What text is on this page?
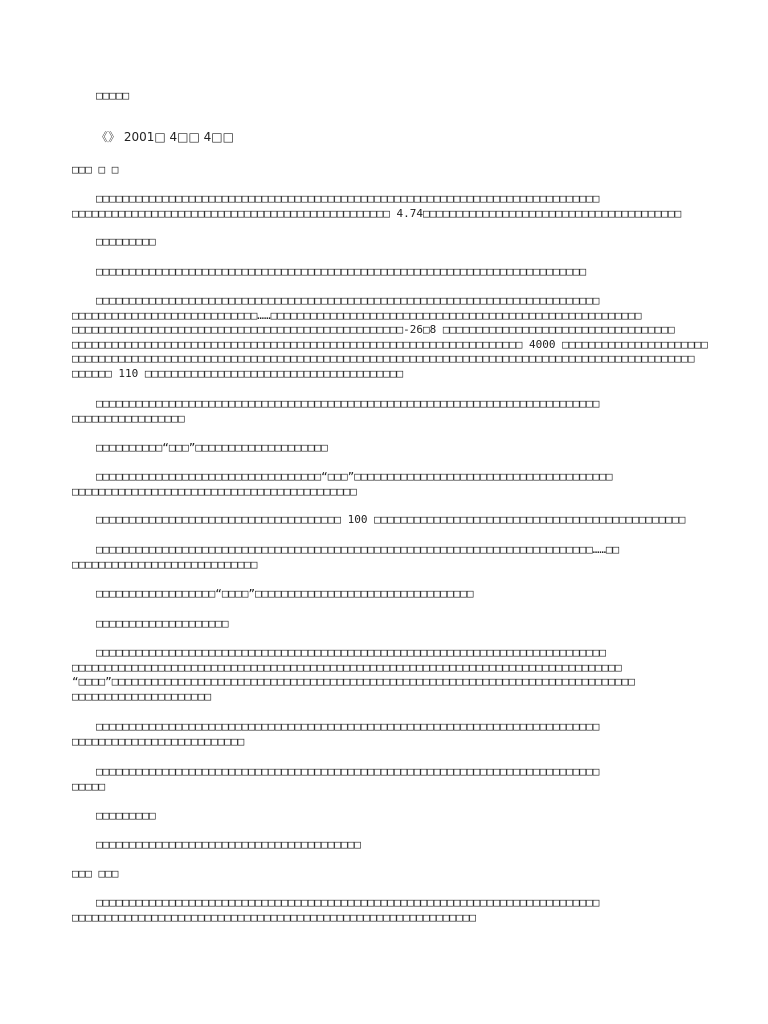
□□□□□
《》 2001□ 4□□ 4□□
□□□ □ □
□□□□□□□□□□□□□□□□□□□□□□□□□□□□□□□□□□□□□□□□□□□□□□□□□□□□□□□□□□□□□□□□□□□□□□□□□□□□
□□□□□□□□□□□□□□□□□□□□□□□□□□□□□□□□□□□□□□□□□□□□□□□□ 4.74□□□□□□□□□□□□□□□□□□□□□□□□□□□□□□□□□□□□□□□
□□□□□□□□□
□□□□□□□□□□□□□□□□□□□□□□□□□□□□□□□□□□□□□□□□□□□□□□□□□□□□□□□□□□□□□□□□□□□□□□□□□□
□□□□□□□□□□□□□□□□□□□□□□□□□□□□□□□□□□□□□□□□□□□□□□□□□□□□□□□□□□□□□□□□□□□□□□□□□□□□
□□□□□□□□□□□□□□□□□□□□□□□□□□□□……□□□□□□□□□□□□□□□□□□□□□□□□□□□□□□□□□□□□□□□□□□□□□□□□□□□□□□□□
□□□□□□□□□□□□□□□□□□□□□□□□□□□□□□□□□□□□□□□□□□□□□□□□□□-26□8 □□□□□□□□□□□□□□□□□□□□□□□□□□□□□□□□□□□
□□□□□□□□□□□□□□□□□□□□□□□□□□□□□□□□□□□□□□□□□□□□□□□□□□□□□□□□□□□□□□□□□□□□ 4000 □□□□□□□□□□□□□□□□□□□□□□
□□□□□□□□□□□□□□□□□□□□□□□□□□□□□□□□□□□□□□□□□□□□□□□□□□□□□□□□□□□□□□□□□□□□□□□□□□□□□□□□□□□□□□□□□□□□□□
□□□□□□ 110 □□□□□□□□□□□□□□□□□□□□□□□□□□□□□□□□□□□□□□□
□□□□□□□□□□□□□□□□□□□□□□□□□□□□□□□□□□□□□□□□□□□□□□□□□□□□□□□□□□□□□□□□□□□□□□□□□□□□
□□□□□□□□□□□□□□□□□
□□□□□□□□□□“□□□”□□□□□□□□□□□□□□□□□□□□
□□□□□□□□□□□□□□□□□□□□□□□□□□□□□□□□□□“□□□”□□□□□□□□□□□□□□□□□□□□□□□□□□□□□□□□□□□□□□□
□□□□□□□□□□□□□□□□□□□□□□□□□□□□□□□□□□□□□□□□□□□
□□□□□□□□□□□□□□□□□□□□□□□□□□□□□□□□□□□□□ 100 □□□□□□□□□□□□□□□□□□□□□□□□□□□□□□□□□□□□□□□□□□□□□□□
□□□□□□□□□□□□□□□□□□□□□□□□□□□□□□□□□□□□□□□□□□□□□□□□□□□□□□□□□□□□□□□□□□□□□□□□□□□……□□
□□□□□□□□□□□□□□□□□□□□□□□□□□□□
□□□□□□□□□□□□□□□□□□“□□□□”□□□□□□□□□□□□□□□□□□□□□□□□□□□□□□□□□
□□□□□□□□□□□□□□□□□□□□
□□□□□□□□□□□□□□□□□□□□□□□□□□□□□□□□□□□□□□□□□□□□□□□□□□□□□□□□□□□□□□□□□□□□□□□□□□□□□
□□□□□□□□□□□□□□□□□□□□□□□□□□□□□□□□□□□□□□□□□□□□□□□□□□□□□□□□□□□□□□□□□□□□□□□□□□□□□□□□□□□
“□□□□”□□□□□□□□□□□□□□□□□□□□□□□□□□□□□□□□□□□□□□□□□□□□□□□□□□□□□□□□□□□□□□□□□□□□□□□□□□□□□□□
□□□□□□□□□□□□□□□□□□□□□
□□□□□□□□□□□□□□□□□□□□□□□□□□□□□□□□□□□□□□□□□□□□□□□□□□□□□□□□□□□□□□□□□□□□□□□□□□□□
□□□□□□□□□□□□□□□□□□□□□□□□□□
□□□□□□□□□□□□□□□□□□□□□□□□□□□□□□□□□□□□□□□□□□□□□□□□□□□□□□□□□□□□□□□□□□□□□□□□□□□□
□□□□□
□□□□□□□□□
□□□□□□□□□□□□□□□□□□□□□□□□□□□□□□□□□□□□□□□□
□□□ □□□
□□□□□□□□□□□□□□□□□□□□□□□□□□□□□□□□□□□□□□□□□□□□□□□□□□□□□□□□□□□□□□□□□□□□□□□□□□□□
□□□□□□□□□□□□□□□□□□□□□□□□□□□□□□□□□□□□□□□□□□□□□□□□□□□□□□□□□□□□□
